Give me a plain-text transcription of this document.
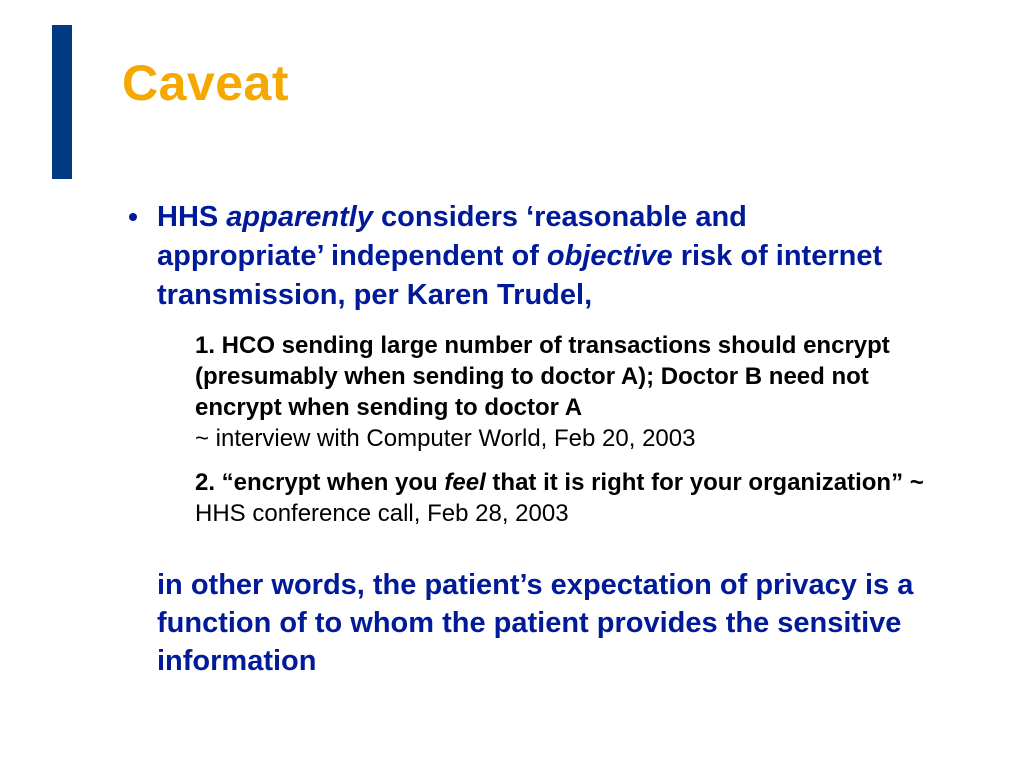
Caveat
HHS apparently considers ‘reasonable and appropriate’ independent of objective risk of internet transmission, per Karen Trudel,
1. HCO sending large number of transactions should encrypt (presumably when sending to doctor A); Doctor B need not encrypt when sending to doctor A
~ interview with Computer World, Feb 20, 2003
2. “encrypt when you feel that it is right for your organization” ~ HHS conference call, Feb 28, 2003
in other words, the patient’s expectation of privacy is a function of to whom the patient provides the sensitive information
